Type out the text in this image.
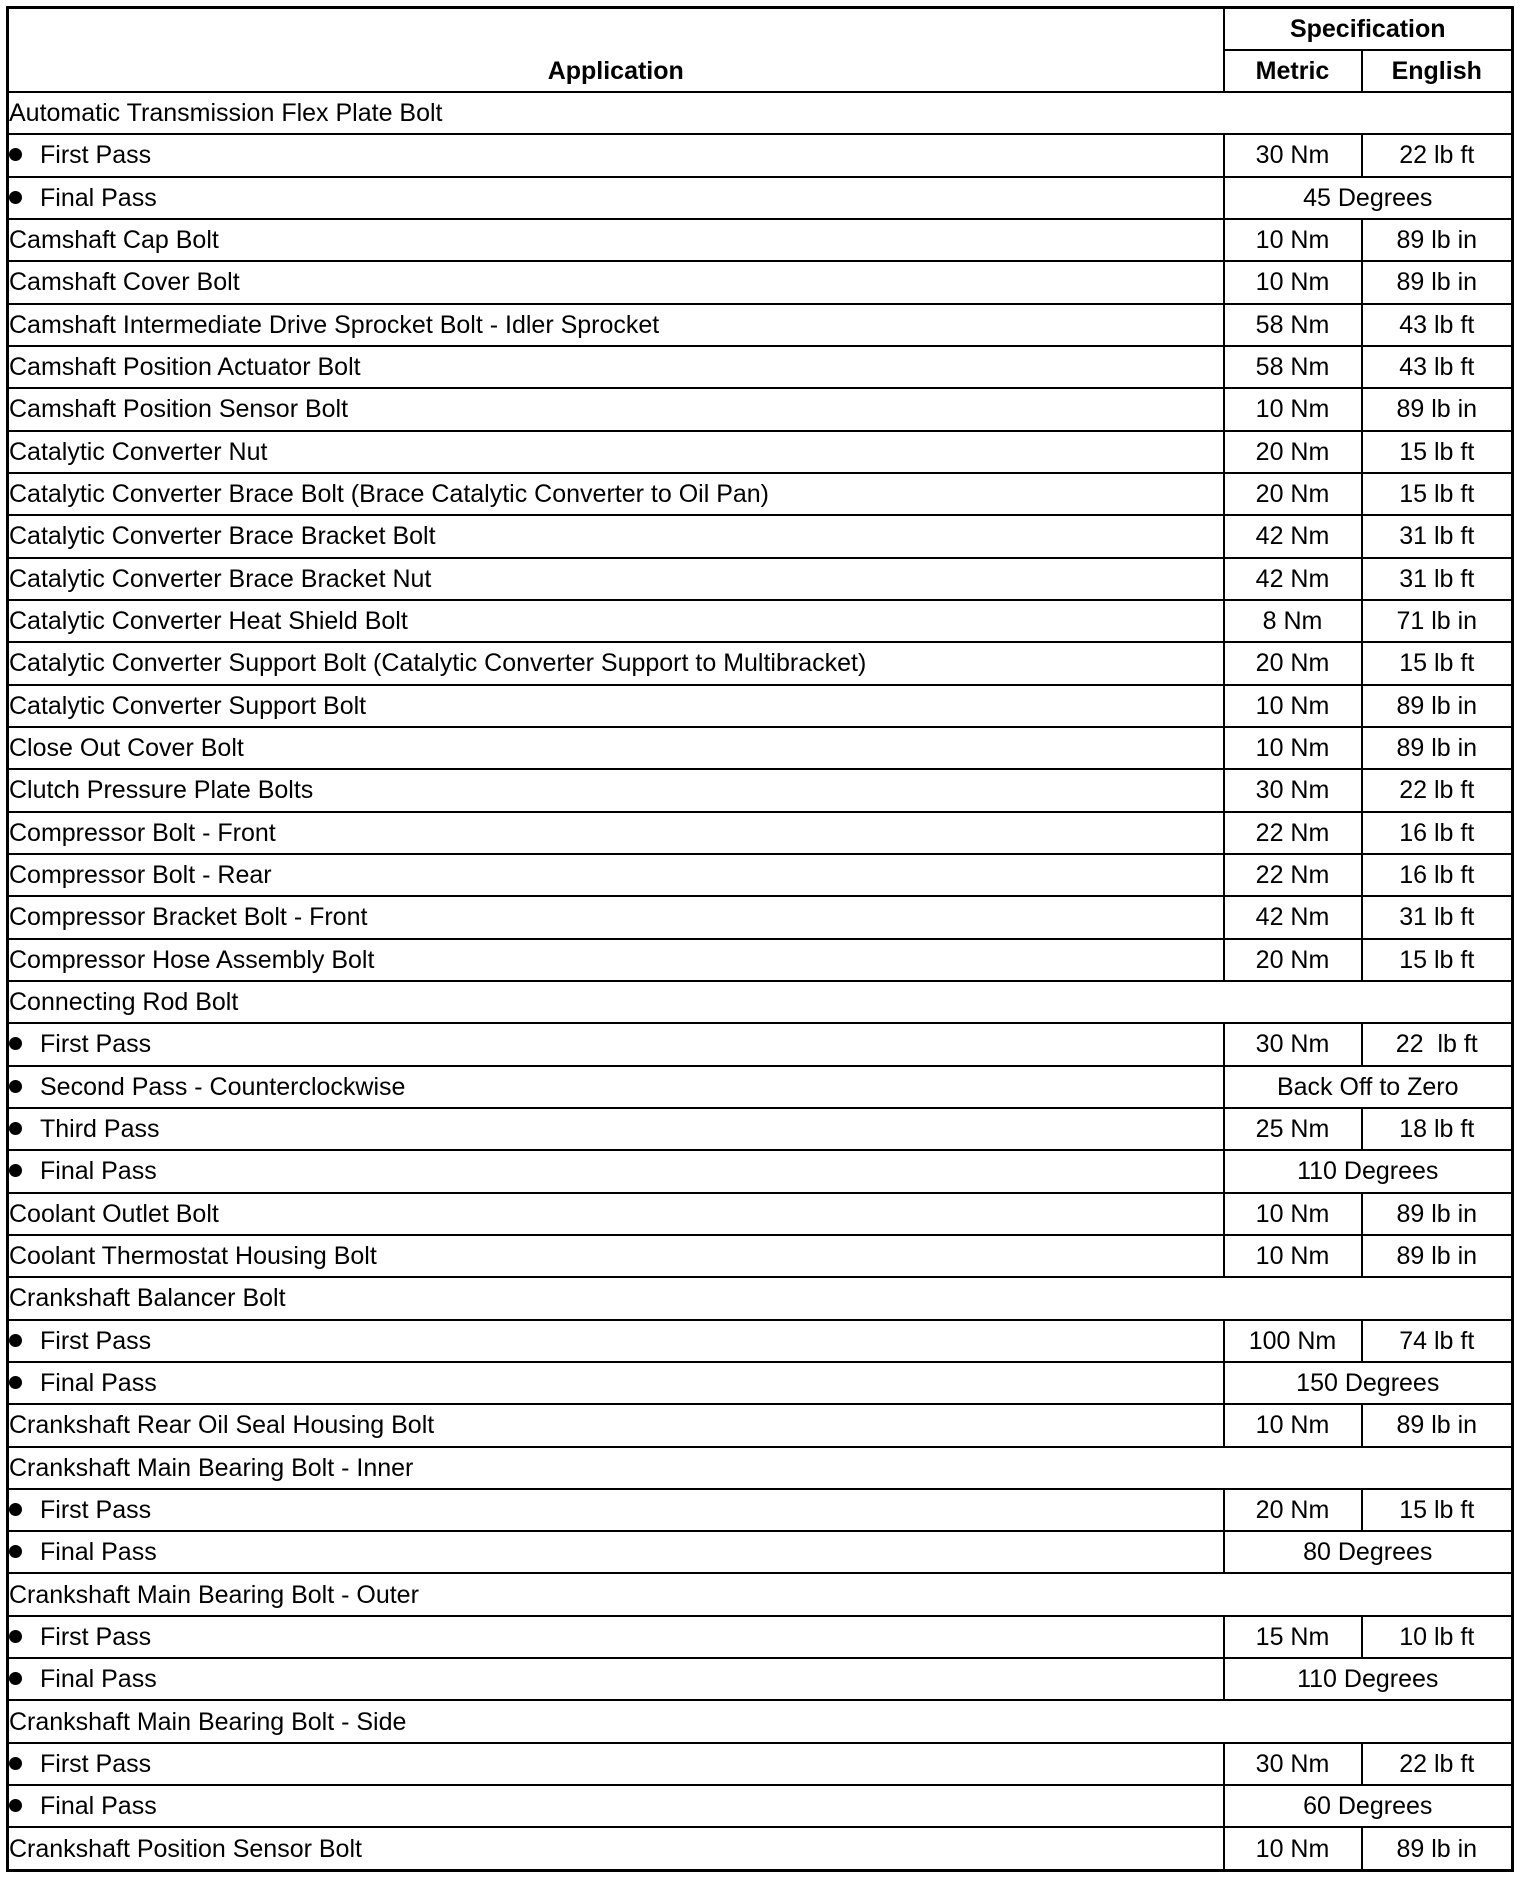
Application	Specification	
	Metric	English
Automatic Transmission Flex Plate Bolt		
First Pass	30 Nm	22 lb ft
Final Pass	45 Degrees	
Camshaft Cap Bolt	10 Nm	89 lb in
Camshaft Cover Bolt	10 Nm	89 lb in
Camshaft Intermediate Drive Sprocket Bolt - Idler Sprocket	58 Nm	43 lb ft
Camshaft Position Actuator Bolt	58 Nm	43 lb ft
Camshaft Position Sensor Bolt	10 Nm	89 lb in
Catalytic Converter Nut	20 Nm	15 lb ft
Catalytic Converter Brace Bolt (Brace Catalytic Converter to Oil Pan)	20 Nm	15 lb ft
Catalytic Converter Brace Bracket Bolt	42 Nm	31 lb ft
Catalytic Converter Brace Bracket Nut	42 Nm	31 lb ft
Catalytic Converter Heat Shield Bolt	8 Nm	71 lb in
Catalytic Converter Support Bolt (Catalytic Converter Support to Multibracket)	20 Nm	15 lb ft
Catalytic Converter Support Bolt	10 Nm	89 lb in
Close Out Cover Bolt	10 Nm	89 lb in
Clutch Pressure Plate Bolts	30 Nm	22 lb ft
Compressor Bolt - Front	22 Nm	16 lb ft
Compressor Bolt - Rear	22 Nm	16 lb ft
Compressor Bracket Bolt - Front	42 Nm	31 lb ft
Compressor Hose Assembly Bolt	20 Nm	15 lb ft
Connecting Rod Bolt		
First Pass	30 Nm	22  lb ft
Second Pass - Counterclockwise	Back Off to Zero	
Third Pass	25 Nm	18 lb ft
Final Pass	110 Degrees	
Coolant Outlet Bolt	10 Nm	89 lb in
Coolant Thermostat Housing Bolt	10 Nm	89 lb in
Crankshaft Balancer Bolt		
First Pass	100 Nm	74 lb ft
Final Pass	150 Degrees	
Crankshaft Rear Oil Seal Housing Bolt	10 Nm	89 lb in
Crankshaft Main Bearing Bolt - Inner		
First Pass	20 Nm	15 lb ft
Final Pass	80 Degrees	
Crankshaft Main Bearing Bolt - Outer		
First Pass	15 Nm	10 lb ft
Final Pass	110 Degrees	
Crankshaft Main Bearing Bolt - Side		
First Pass	30 Nm	22 lb ft
Final Pass	60 Degrees	
Crankshaft Position Sensor Bolt	10 Nm	89 lb in
